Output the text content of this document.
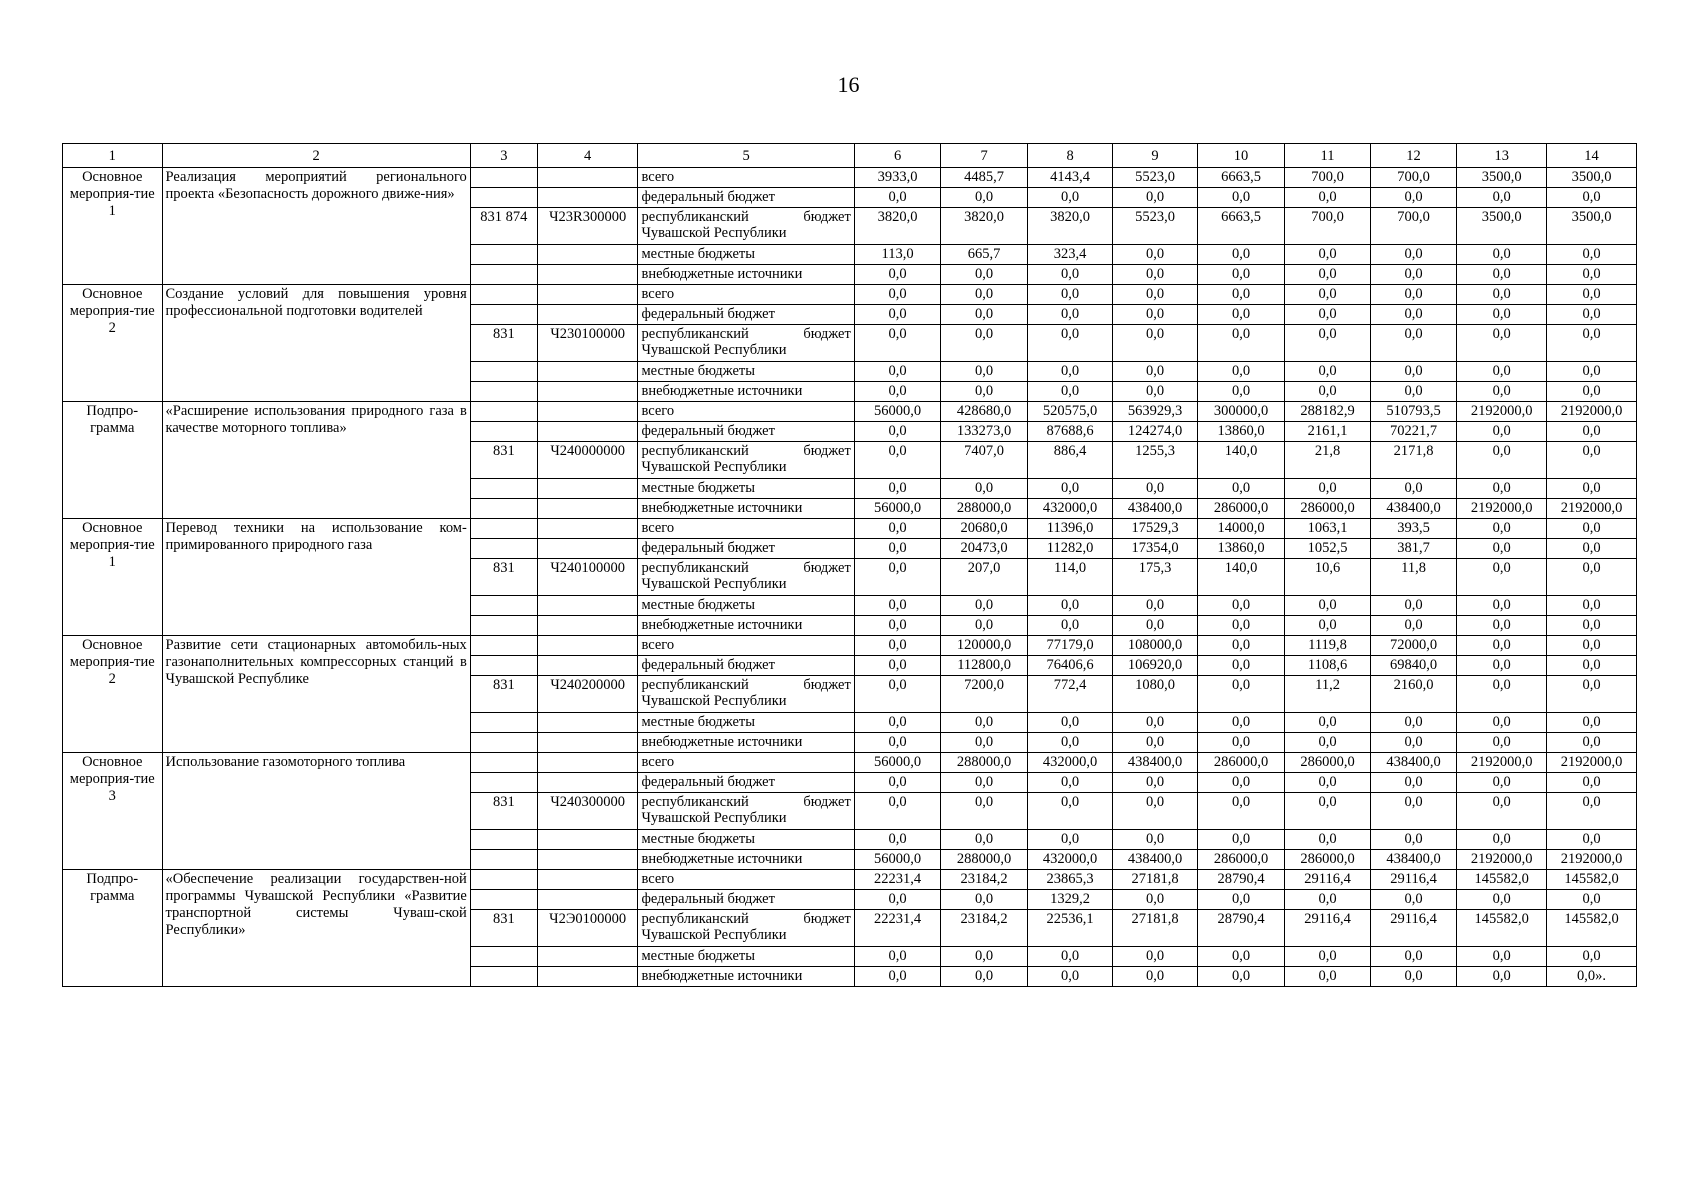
16
1	2	3	4	5	6	7	8	9	10	11	12	13	14
Основное мероприя-тие 1	Реализация мероприятий регионального проекта «Безопасность дорожного движе-ния»			всего	3933,0	4485,7	4143,4	5523,0	6663,5	700,0	700,0	3500,0	3500,0
				федеральный бюджет	0,0	0,0	0,0	0,0	0,0	0,0	0,0	0,0	0,0
		831 874	Ч23R300000	республиканский бюджет
Чувашской Республики	3820,0	3820,0	3820,0	5523,0	6663,5	700,0	700,0	3500,0	3500,0
				местные бюджеты	113,0	665,7	323,4	0,0	0,0	0,0	0,0	0,0	0,0
				внебюджетные источники	0,0	0,0	0,0	0,0	0,0	0,0	0,0	0,0	0,0
Основное мероприя-тие 2	Создание условий для повышения уровня профессиональной подготовки водителей			всего	0,0	0,0	0,0	0,0	0,0	0,0	0,0	0,0	0,0
				федеральный бюджет	0,0	0,0	0,0	0,0	0,0	0,0	0,0	0,0	0,0
		831	Ч230100000	республиканский бюджет
Чувашской Республики	0,0	0,0	0,0	0,0	0,0	0,0	0,0	0,0	0,0
				местные бюджеты	0,0	0,0	0,0	0,0	0,0	0,0	0,0	0,0	0,0
				внебюджетные источники	0,0	0,0	0,0	0,0	0,0	0,0	0,0	0,0	0,0
Подпро-грамма	«Расширение использования природного газа в качестве моторного топлива»			всего	56000,0	428680,0	520575,0	563929,3	300000,0	288182,9	510793,5	2192000,0	2192000,0
				федеральный бюджет	0,0	133273,0	87688,6	124274,0	13860,0	2161,1	70221,7	0,0	0,0
		831	Ч240000000	республиканский бюджет
Чувашской Республики	0,0	7407,0	886,4	1255,3	140,0	21,8	2171,8	0,0	0,0
				местные бюджеты	0,0	0,0	0,0	0,0	0,0	0,0	0,0	0,0	0,0
				внебюджетные источники	56000,0	288000,0	432000,0	438400,0	286000,0	286000,0	438400,0	2192000,0	2192000,0
Основное мероприя-тие 1	Перевод техники на использование ком-примированного природного газа			всего	0,0	20680,0	11396,0	17529,3	14000,0	1063,1	393,5	0,0	0,0
				федеральный бюджет	0,0	20473,0	11282,0	17354,0	13860,0	1052,5	381,7	0,0	0,0
		831	Ч240100000	республиканский бюджет
Чувашской Республики	0,0	207,0	114,0	175,3	140,0	10,6	11,8	0,0	0,0
				местные бюджеты	0,0	0,0	0,0	0,0	0,0	0,0	0,0	0,0	0,0
				внебюджетные источники	0,0	0,0	0,0	0,0	0,0	0,0	0,0	0,0	0,0
Основное мероприя-тие 2	Развитие сети стационарных автомобиль-ных газонаполнительных компрессорных станций в Чувашской Республике			всего	0,0	120000,0	77179,0	108000,0	0,0	1119,8	72000,0	0,0	0,0
				федеральный бюджет	0,0	112800,0	76406,6	106920,0	0,0	1108,6	69840,0	0,0	0,0
		831	Ч240200000	республиканский бюджет
Чувашской Республики	0,0	7200,0	772,4	1080,0	0,0	11,2	2160,0	0,0	0,0
				местные бюджеты	0,0	0,0	0,0	0,0	0,0	0,0	0,0	0,0	0,0
				внебюджетные источники	0,0	0,0	0,0	0,0	0,0	0,0	0,0	0,0	0,0
Основное мероприя-тие 3	Использование газомоторного топлива			всего	56000,0	288000,0	432000,0	438400,0	286000,0	286000,0	438400,0	2192000,0	2192000,0
				федеральный бюджет	0,0	0,0	0,0	0,0	0,0	0,0	0,0	0,0	0,0
		831	Ч240300000	республиканский бюджет
Чувашской Республики	0,0	0,0	0,0	0,0	0,0	0,0	0,0	0,0	0,0
				местные бюджеты	0,0	0,0	0,0	0,0	0,0	0,0	0,0	0,0	0,0
				внебюджетные источники	56000,0	288000,0	432000,0	438400,0	286000,0	286000,0	438400,0	2192000,0	2192000,0
Подпро-грамма	«Обеспечение реализации государствен-ной программы Чувашской Республики «Развитие транспортной системы Чуваш-ской Республики»			всего	22231,4	23184,2	23865,3	27181,8	28790,4	29116,4	29116,4	145582,0	145582,0
				федеральный бюджет	0,0	0,0	1329,2	0,0	0,0	0,0	0,0	0,0	0,0
		831	Ч2Э0100000	республиканский бюджет
Чувашской Республики	22231,4	23184,2	22536,1	27181,8	28790,4	29116,4	29116,4	145582,0	145582,0
				местные бюджеты	0,0	0,0	0,0	0,0	0,0	0,0	0,0	0,0	0,0
				внебюджетные источники	0,0	0,0	0,0	0,0	0,0	0,0	0,0	0,0	0,0».
